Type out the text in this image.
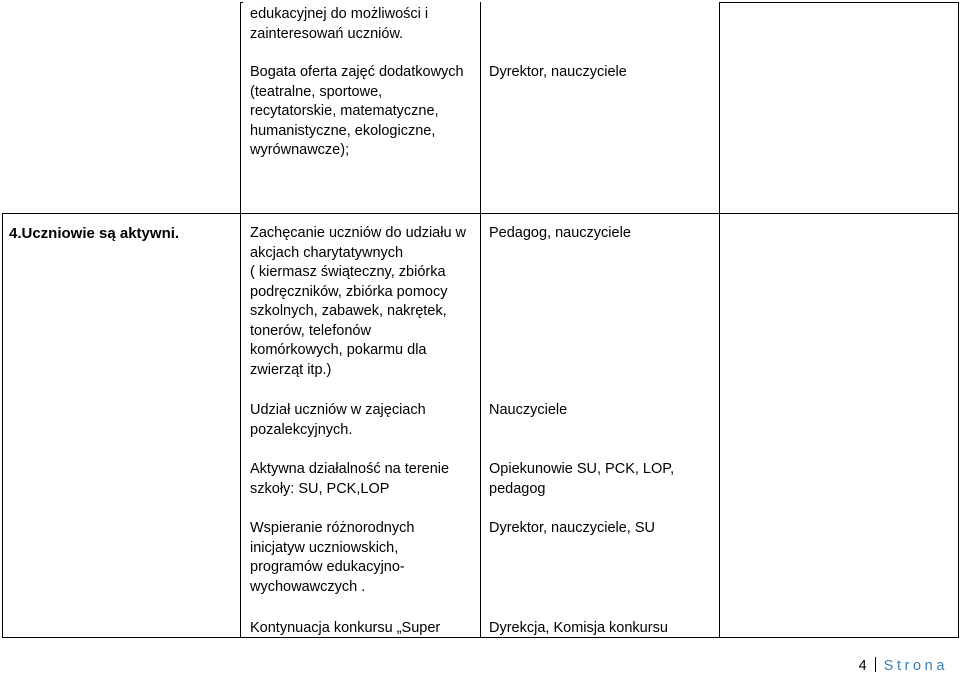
edukacyjnej do możliwości i
zainteresowań uczniów.
Bogata oferta zajęć dodatkowych
(teatralne, sportowe,
recytatorskie, matematyczne,
humanistyczne, ekologiczne,
wyrównawcze);
Dyrektor, nauczyciele
4.Uczniowie są aktywni.	Zachęcanie uczniów do udziału w
akcjach charytatywnych
( kiermasz świąteczny, zbiórka
podręczników, zbiórka pomocy
szkolnych, zabawek, nakrętek,
tonerów, telefonów
komórkowych, pokarmu dla
zwierząt itp.)
Udział uczniów w zajęciach
pozalekcyjnych.
Aktywna działalność na terenie
szkoły: SU, PCK,LOP
Wspieranie różnorodnych
inicjatyw uczniowskich,
programów edukacyjno-
wychowawczych .
Kontynuacja konkursu „Super
Pedagog, nauczyciele
Nauczyciele
Opiekunowie SU, PCK, LOP,
pedagog
Dyrektor, nauczyciele, SU
Dyrekcja, Komisja konkursu
4 Strona
